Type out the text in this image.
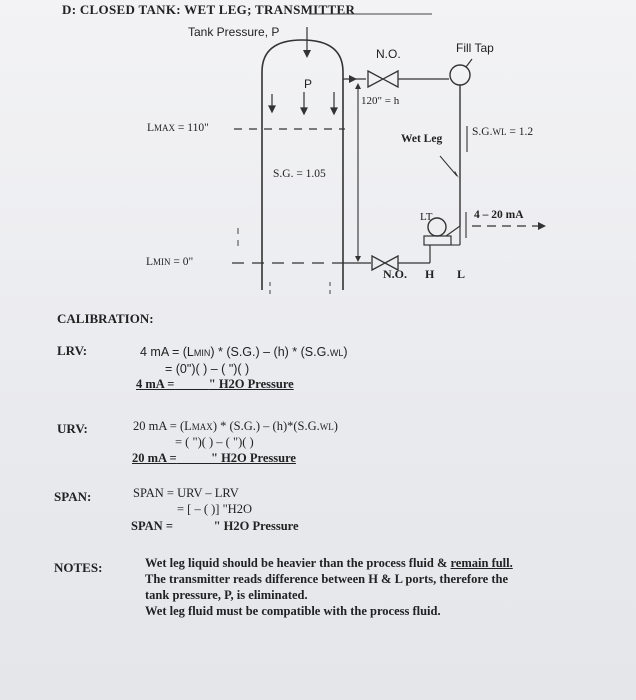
D: CLOSED TANK: WET LEG; TRANSMITTER
Tank Pressure, P
N.O.	Fill Tap
P
120" = h
LMAX = 110"
Wet Leg
S.G.WL = 1.2
S.G. = 1.05
LT	4 – 20 mA
LMIN = 0"
N.O. H L
CALIBRATION:
LRV:	4 mA = (LMIN) * (S.G.) – (h) * (S.G.WL)
= (0")( ) – ( ")( )
4 mA =	" H2O Pressure
URV:	20 mA = (LMAX) * (S.G.) – (h)*(S.G.WL)
= ( ")( ) – ( ")( )
20 mA =	" H2O Pressure
SPAN:	SPAN = URV – LRV
= [ – ( )] "H2O
SPAN =	" H2O Pressure
NOTES:	Wet leg liquid should be heavier than the process fluid & remain full.
The transmitter reads difference between H & L ports, therefore the
tank pressure, P, is eliminated.
Wet leg fluid must be compatible with the process fluid.
